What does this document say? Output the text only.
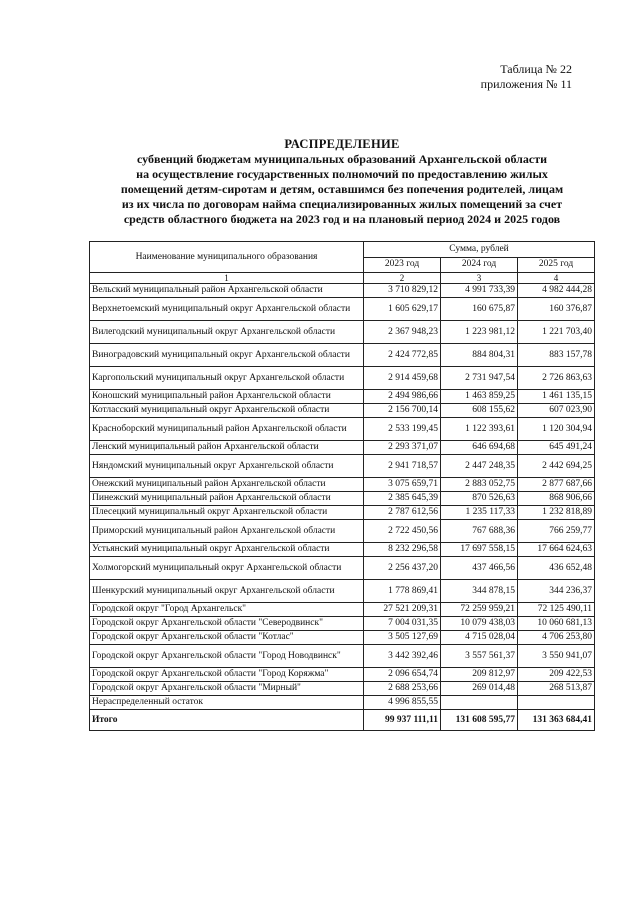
Таблица № 22
приложения № 11
РАСПРЕДЕЛЕНИЕ
субвенций бюджетам муниципальных образований Архангельской области
на осуществление государственных полномочий по предоставлению жилых
помещений детям-сиротам и детям, оставшимся без попечения родителей, лицам
из их числа по договорам найма специализированных жилых помещений за счет
средств областного бюджета на 2023 год и на плановый период 2024 и 2025 годов
Наименование муниципального образования	Сумма, рублей		
	2023 год	2024 год	2025 год
1	2	3	4
Вельский муниципальный район Архангельской области	3 710 829,12	4 991 733,39	4 982 444,28
Верхнетоемский муниципальный округ Архангельской области	1 605 629,17	160 675,87	160 376,87
Вилегодский муниципальный округ Архангельской области	2 367 948,23	1 223 981,12	1 221 703,40
Виноградовский муниципальный округ Архангельской области	2 424 772,85	884 804,31	883 157,78
Каргопольский муниципальный округ Архангельской области	2 914 459,68	2 731 947,54	2 726 863,63
Коношский муниципальный район Архангельской области	2 494 986,66	1 463 859,25	1 461 135,15
Котласский муниципальный округ Архангельской области	2 156 700,14	608 155,62	607 023,90
Красноборский муниципальный район Архангельской области	2 533 199,45	1 122 393,61	1 120 304,94
Ленский муниципальный район Архангельской области	2 293 371,07	646 694,68	645 491,24
Няндомский муниципальный округ Архангельской области	2 941 718,57	2 447 248,35	2 442 694,25
Онежский муниципальный район Архангельской области	3 075 659,71	2 883 052,75	2 877 687,66
Пинежский муниципальный район Архангельской области	2 385 645,39	870 526,63	868 906,66
Плесецкий муниципальный округ Архангельской области	2 787 612,56	1 235 117,33	1 232 818,89
Приморский муниципальный район Архангельской области	2 722 450,56	767 688,36	766 259,77
Устьянский муниципальный округ Архангельской области	8 232 296,58	17 697 558,15	17 664 624,63
Холмогорский муниципальный округ Архангельской области	2 256 437,20	437 466,56	436 652,48
Шенкурский муниципальный округ Архангельской области	1 778 869,41	344 878,15	344 236,37
Городской округ "Город Архангельск"	27 521 209,31	72 259 959,21	72 125 490,11
Городской округ Архангельской области "Северодвинск"	7 004 031,35	10 079 438,03	10 060 681,13
Городской округ Архангельской области "Котлас"	3 505 127,69	4 715 028,04	4 706 253,80
Городской округ Архангельской области "Город Новодвинск"	3 442 392,46	3 557 561,37	3 550 941,07
Городской округ Архангельской области "Город Коряжма"	2 096 654,74	209 812,97	209 422,53
Городской округ Архангельской области "Мирный"	2 688 253,66	269 014,48	268 513,87
Нераспределенный остаток	4 996 855,55		
Итого	99 937 111,11	131 608 595,77	131 363 684,41
